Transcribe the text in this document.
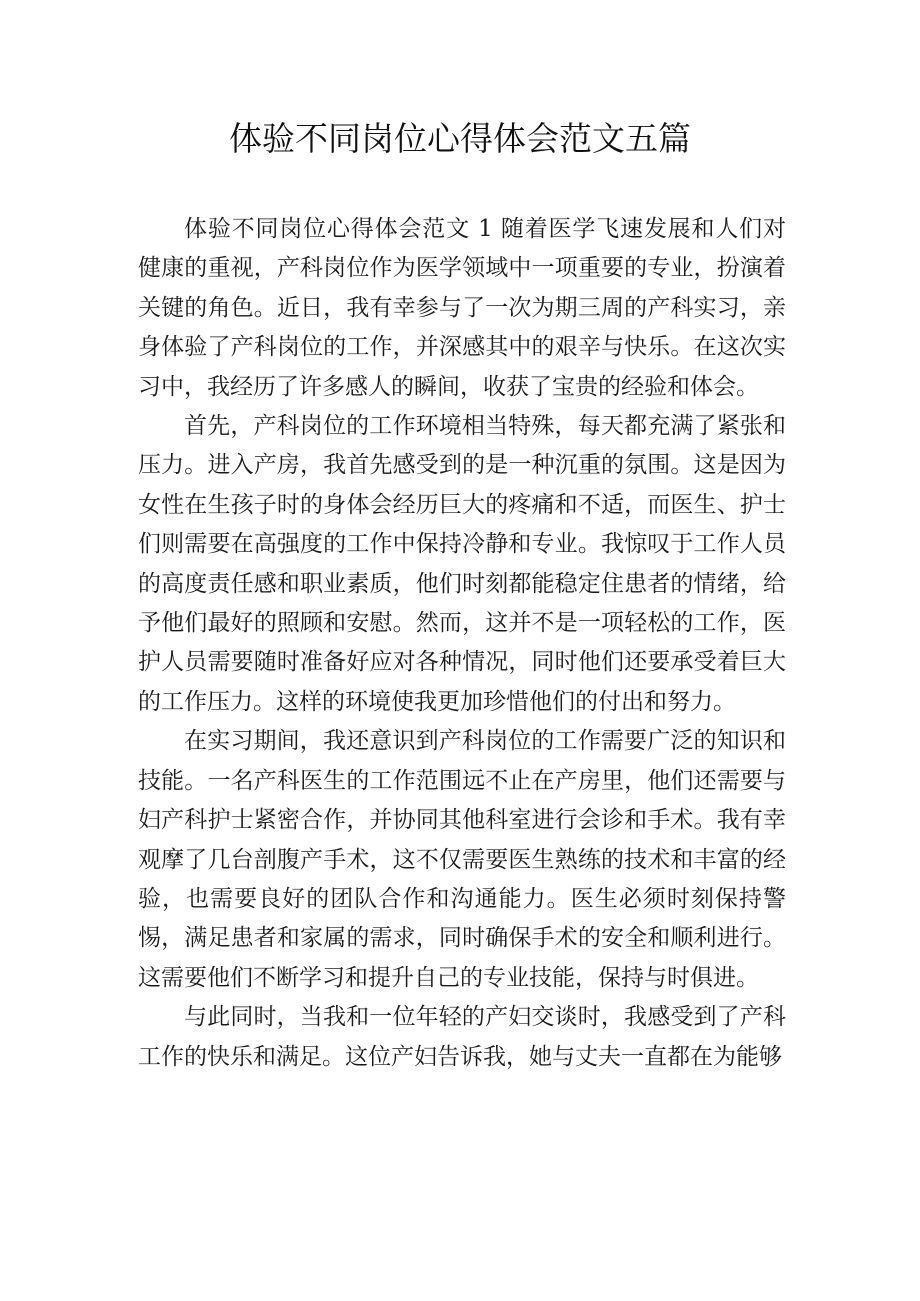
体验不同岗位心得体会范文五篇

体验不同岗位心得体会范文 1 随着医学飞速发展和人们对健康的重视，产科岗位作为医学领域中一项重要的专业，扮演着关键的角色。近日，我有幸参与了一次为期三周的产科实习，亲身体验了产科岗位的工作，并深感其中的艰辛与快乐。在这次实习中，我经历了许多感人的瞬间，收获了宝贵的经验和体会。

首先，产科岗位的工作环境相当特殊，每天都充满了紧张和压力。进入产房，我首先感受到的是一种沉重的氛围。这是因为女性在生孩子时的身体会经历巨大的疼痛和不适，而医生、护士们则需要在高强度的工作中保持冷静和专业。我惊叹于工作人员的高度责任感和职业素质，他们时刻都能稳定住患者的情绪，给予他们最好的照顾和安慰。然而，这并不是一项轻松的工作，医护人员需要随时准备好应对各种情况，同时他们还要承受着巨大的工作压力。这样的环境使我更加珍惜他们的付出和努力。

在实习期间，我还意识到产科岗位的工作需要广泛的知识和技能。一名产科医生的工作范围远不止在产房里，他们还需要与妇产科护士紧密合作，并协同其他科室进行会诊和手术。我有幸观摩了几台剖腹产手术，这不仅需要医生熟练的技术和丰富的经验，也需要良好的团队合作和沟通能力。医生必须时刻保持警惕，满足患者和家属的需求，同时确保手术的安全和顺利进行。这需要他们不断学习和提升自己的专业技能，保持与时俱进。

与此同时，当我和一位年轻的产妇交谈时，我感受到了产科工作的快乐和满足。这位产妇告诉我，她与丈夫一直都在为能够
